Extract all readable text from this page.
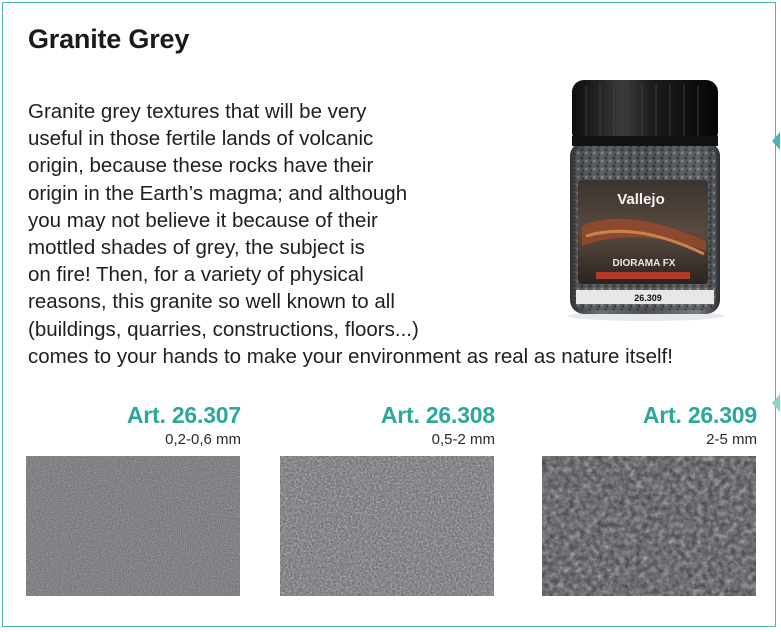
Granite Grey
Granite grey textures that will be very
useful in those fertile lands of volcanic
origin, because these rocks have their
origin in the Earth’s magma; and although
you may not believe it because of their
mottled shades of grey, the subject is
on fire! Then, for a variety of physical
reasons, this granite so well known to all
(buildings, quarries, constructions, floors...)
comes to your hands to make your environment as real as nature itself!
Vallejo
DIORAMA FX
26.309
Art. 26.307
0,2-0,6 mm
Art. 26.308
0,5-2 mm
Art. 26.309
2-5 mm
